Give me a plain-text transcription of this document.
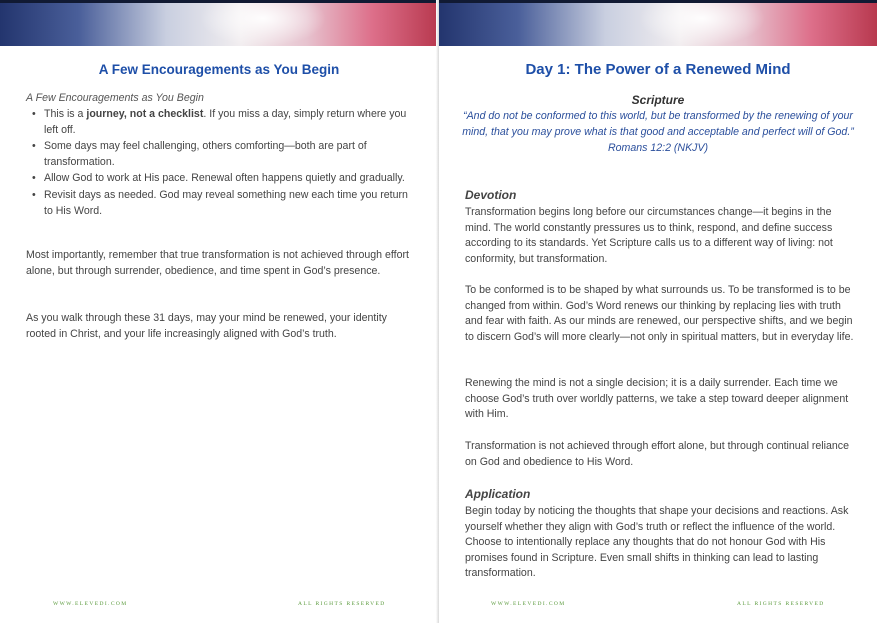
A Few Encouragements as You Begin
A Few Encouragements as You Begin
• This is a journey, not a checklist. If you miss a day, simply return where you left off.
• Some days may feel challenging, others comforting—both are part of transformation.
• Allow God to work at His pace. Renewal often happens quietly and gradually.
• Revisit days as needed. God may reveal something new each time you return to His Word.

Most importantly, remember that true transformation is not achieved through effort alone, but through surrender, obedience, and time spent in God’s presence.

As you walk through these 31 days, may your mind be renewed, your identity rooted in Christ, and your life increasingly aligned with God’s truth.

WWW.ELEVEDI.COM	ALL RIGHTS RESERVED
Day 1: The Power of a Renewed Mind
Scripture

“And do not be conformed to this world, but be transformed by the renewing of your mind, that you may prove what is that good and acceptable and perfect will of God.”
Romans 12:2 (NKJV)

Devotion

Transformation begins long before our circumstances change—it begins in the mind. The world constantly pressures us to think, respond, and define success according to its standards. Yet Scripture calls us to a different way of living: not conformity, but transformation.

To be conformed is to be shaped by what surrounds us. To be transformed is to be changed from within. God’s Word renews our thinking by replacing lies with truth and fear with faith. As our minds are renewed, our perspective shifts, and we begin to discern God’s will more clearly—not only in spiritual matters, but in everyday life.

Renewing the mind is not a single decision; it is a daily surrender. Each time we choose God’s truth over worldly patterns, we take a step toward deeper alignment with Him.

Transformation is not achieved through effort alone, but through continual reliance on God and obedience to His Word.

Application

Begin today by noticing the thoughts that shape your decisions and reactions. Ask yourself whether they align with God’s truth or reflect the influence of the world. Choose to intentionally replace any thoughts that do not honour God with His promises found in Scripture. Even small shifts in thinking can lead to lasting transformation.

WWW.ELEVEDI.COM	ALL RIGHTS RESERVED
